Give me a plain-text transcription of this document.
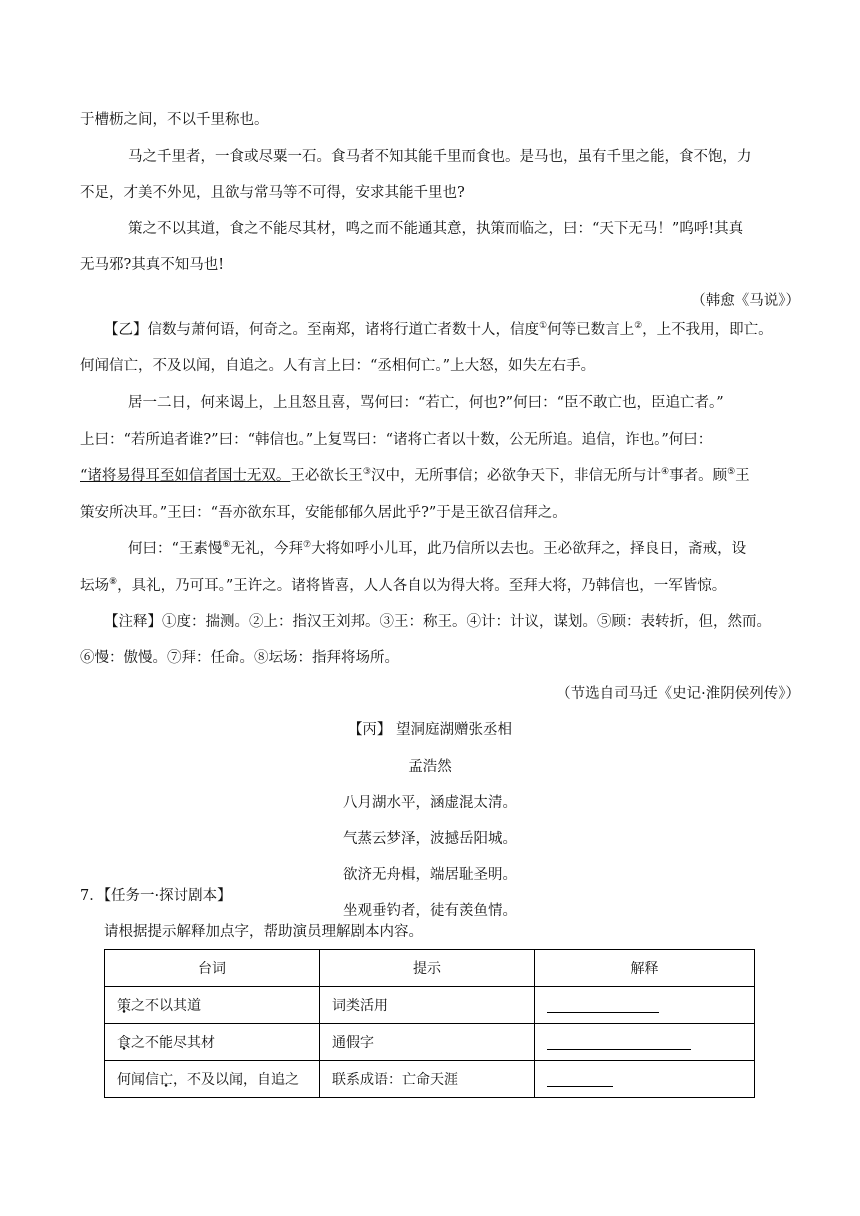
于槽枥之间，不以千里称也。
马之千里者，一食或尽粟一石。食马者不知其能千里而食也。是马也，虽有千里之能，食不饱，力
不足，才美不外见，且欲与常马等不可得，安求其能千里也?
策之不以其道，食之不能尽其材，鸣之而不能通其意，执策而临之，曰：“天下无马！”呜呼!其真
无马邪?其真不知马也!
（韩愈《马说》）
【乙】信数与萧何语，何奇之。至南郑，诸将行道亡者数十人，信度①何等已数言上②，上不我用，即亡。
何闻信亡，不及以闻，自追之。人有言上曰：“丞相何亡。”上大怒，如失左右手。
居一二日，何来谒上，上且怒且喜，骂何曰：“若亡，何也?”何曰：“臣不敢亡也，臣追亡者。”
上曰：“若所追者谁?”曰：“韩信也。”上复骂曰：“诸将亡者以十数，公无所追。追信，诈也。”何曰：
“诸将易得耳至如信者国士无双。王必欲长王③汉中，无所事信；必欲争天下，非信无所与计④事者。顾⑤王
策安所决耳。”王曰：“吾亦欲东耳，安能郁郁久居此乎?”于是王欲召信拜之。
何曰：“王素慢⑥无礼，今拜⑦大将如呼小儿耳，此乃信所以去也。王必欲拜之，择良日，斋戒，设
坛场⑧，具礼，乃可耳。”王许之。诸将皆喜，人人各自以为得大将。至拜大将，乃韩信也，一军皆惊。
【注释】①度：揣测。②上：指汉王刘邦。③王：称王。④计：计议，谋划。⑤顾：表转折，但，然而。
⑥慢：傲慢。⑦拜：任命。⑧坛场：指拜将场所。
（节选自司马迁《史记·淮阴侯列传》）
【丙】 望洞庭湖赠张丞相
孟浩然
八月湖水平，涵虚混太清。
气蒸云梦泽，波撼岳阳城。
欲济无舟楫，端居耻圣明。
坐观垂钓者，徒有羡鱼情。
7．【任务一·探讨剧本】
请根据提示解释加点字，帮助演员理解剧本内容。
台词	提示	解释
策之不以其道	词类活用	
食之不能尽其材	通假字	
何闻信亡，不及以闻，自追之	联系成语：亡命天涯	
